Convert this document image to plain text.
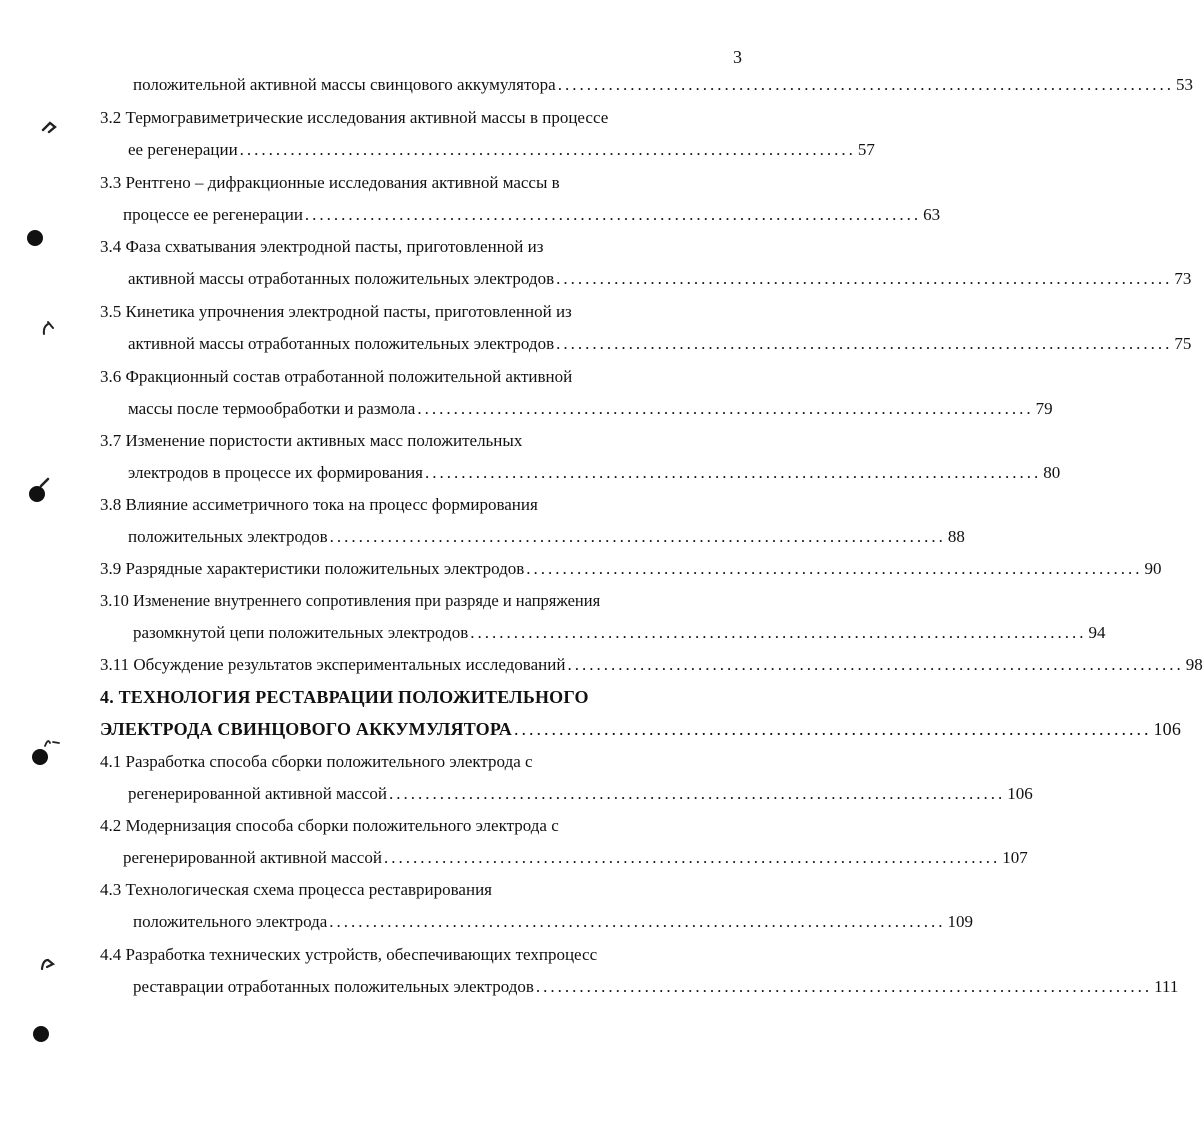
3
положительной активной массы свинцового аккумулятора ..................................................................................... 53
3.2 Термогравиметрические исследования активной массы в процессе
ее регенерации ..................................................................................... 57
3.3 Рентгено – дифракционные исследования активной массы в
процессе ее регенерации ..................................................................................... 63
3.4 Фаза схватывания электродной пасты, приготовленной из
активной массы отработанных положительных электродов ..................................................................................... 73
3.5 Кинетика упрочнения электродной пасты, приготовленной из
активной массы отработанных положительных электродов ..................................................................................... 75
3.6 Фракционный состав отработанной положительной активной
массы после термообработки и размола ..................................................................................... 79
3.7 Изменение пористости активных масс положительных
электродов в процессе их формирования ..................................................................................... 80
3.8 Влияние ассиметричного тока на процесс формирования
положительных электродов ..................................................................................... 88
3.9 Разрядные характеристики положительных электродов ..................................................................................... 90
3.10 Изменение внутреннего сопротивления при разряде и напряжения
разомкнутой цепи положительных электродов ..................................................................................... 94
3.11 Обсуждение результатов экспериментальных исследований ..................................................................................... 98
4. ТЕХНОЛОГИЯ РЕСТАВРАЦИИ ПОЛОЖИТЕЛЬНОГО
ЭЛЕКТРОДА СВИНЦОВОГО АККУМУЛЯТОРА ..................................................................................... 106
4.1 Разработка способа сборки положительного электрода с
регенерированной активной массой ..................................................................................... 106
4.2 Модернизация способа сборки положительного электрода с
регенерированной активной массой ..................................................................................... 107
4.3 Технологическая схема процесса реставрирования
положительного электрода ..................................................................................... 109
4.4 Разработка технических устройств, обеспечивающих техпроцесс
реставрации отработанных положительных электродов ..................................................................................... 111
